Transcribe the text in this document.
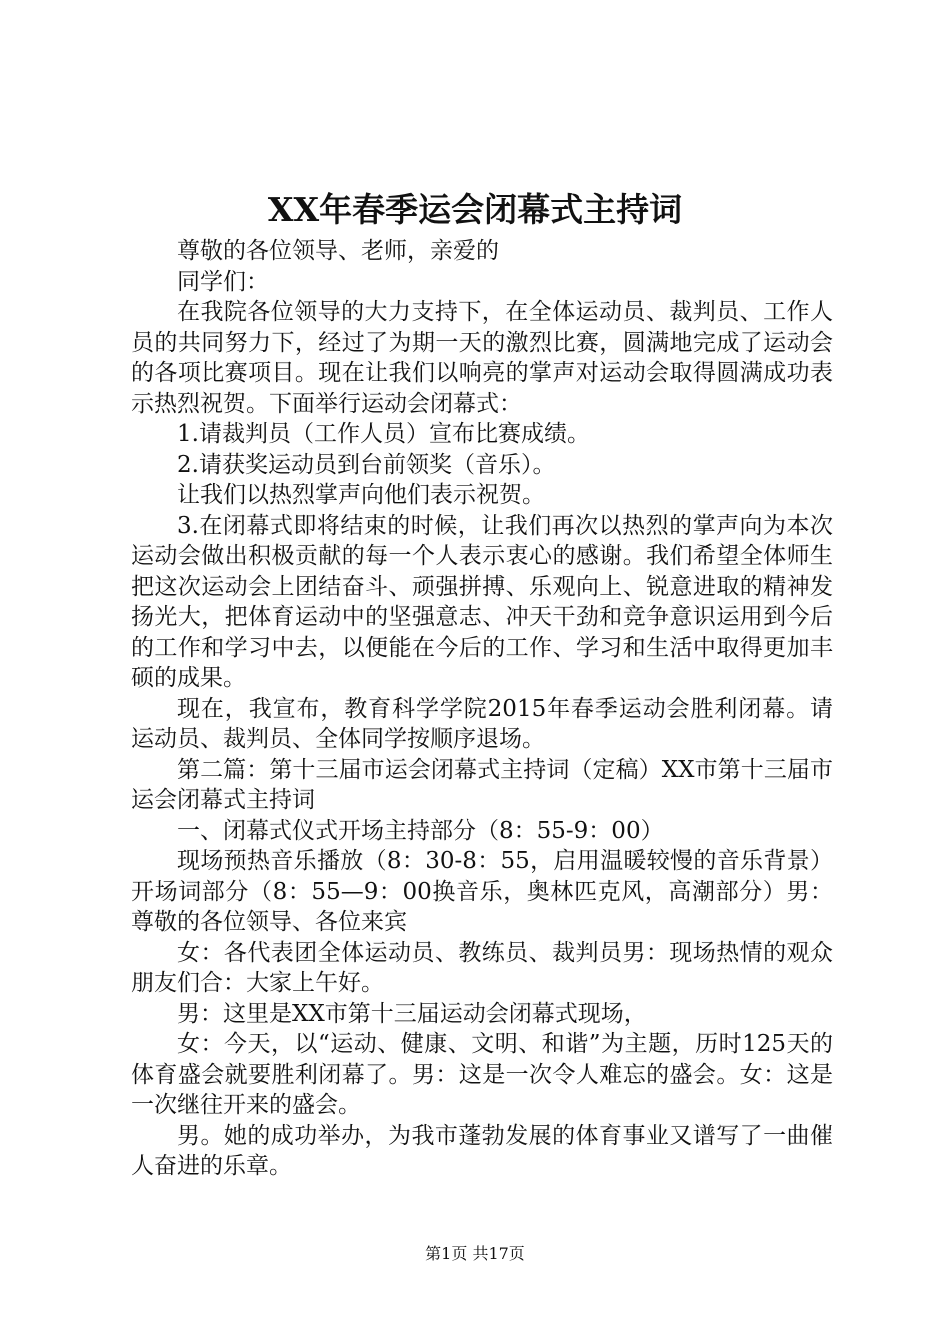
XX年春季运会闭幕式主持词

尊敬的各位领导、老师，亲爱的

同学们：

在我院各位领导的大力支持下，在全体运动员、裁判员、工作人员的共同努力下，经过了为期一天的激烈比赛，圆满地完成了运动会的各项比赛项目。现在让我们以响亮的掌声对运动会取得圆满成功表示热烈祝贺。下面举行运动会闭幕式：

1.请裁判员（工作人员）宣布比赛成绩。

2.请获奖运动员到台前领奖（音乐）。

让我们以热烈掌声向他们表示祝贺。

3.在闭幕式即将结束的时候，让我们再次以热烈的掌声向为本次运动会做出积极贡献的每一个人表示衷心的感谢。我们希望全体师生把这次运动会上团结奋斗、顽强拼搏、乐观向上、锐意进取的精神发扬光大，把体育运动中的坚强意志、冲天干劲和竞争意识运用到今后的工作和学习中去，以便能在今后的工作、学习和生活中取得更加丰硕的成果。

现在，我宣布，教育科学学院2015年春季运动会胜利闭幕。请运动员、裁判员、全体同学按顺序退场。

第二篇：第十三届市运会闭幕式主持词（定稿）XX市第十三届市运会闭幕式主持词

一、闭幕式仪式开场主持部分（8：55-9：00）

现场预热音乐播放（8：30-8：55，启用温暖较慢的音乐背景）开场词部分（8：55—9：00换音乐，奥林匹克风，高潮部分）男：尊敬的各位领导、各位来宾

女：各代表团全体运动员、教练员、裁判员男：现场热情的观众朋友们合：大家上午好。

男：这里是XX市第十三届运动会闭幕式现场，

女：今天，以“运动、健康、文明、和谐”为主题，历时125天的体育盛会就要胜利闭幕了。男：这是一次令人难忘的盛会。女：这是一次继往开来的盛会。

男。她的成功举办，为我市蓬勃发展的体育事业又谱写了一曲催人奋进的乐章。

第1页 共17页
